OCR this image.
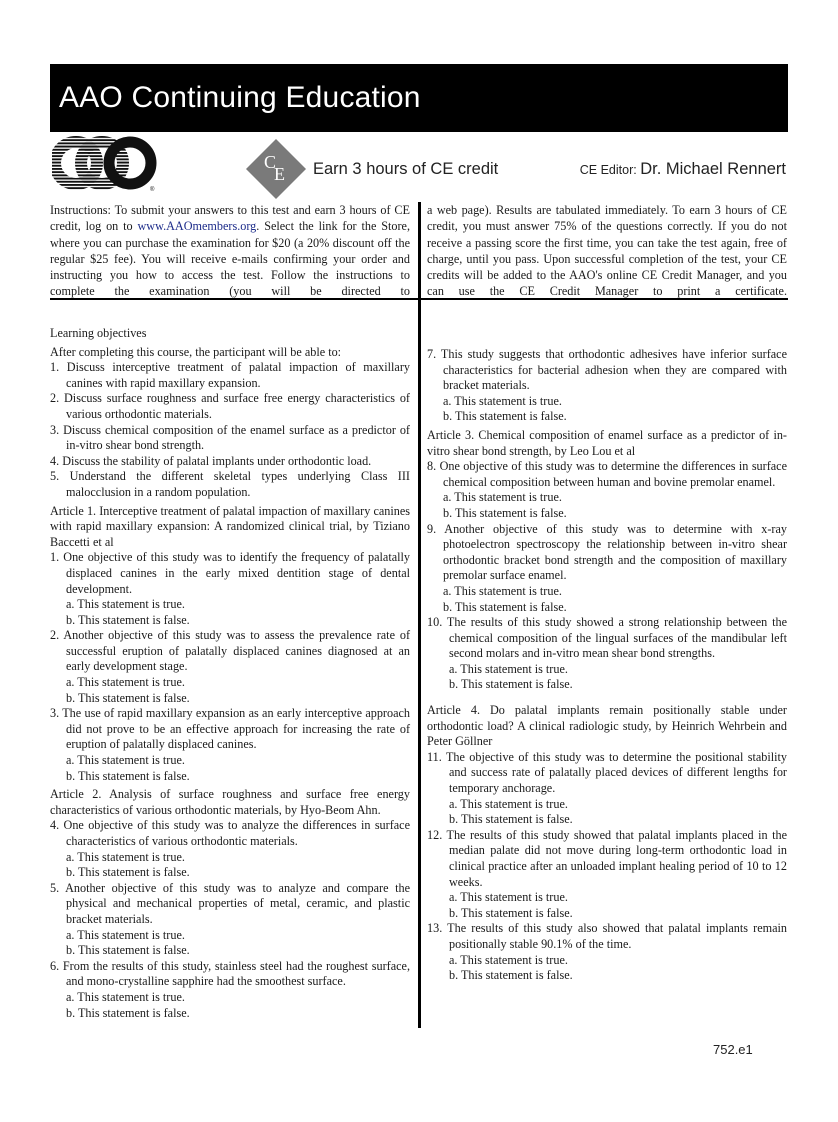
AAO Continuing Education
®
C
E Earn 3 hours of CE credit	CE Editor: Dr. Michael Rennert
Instructions: To submit your answers to this test and earn 3 hours of CE credit, log on to www.AAOmembers.org. Select the link for the Store, where you can purchase the examination for $20 (a 20% discount off the regular $25 fee). You will receive e-mails confirming your order and instructing you how to access the test. Follow the instructions to complete the examination (you will be directed to
a web page). Results are tabulated immediately. To earn 3 hours of CE credit, you must answer 75% of the questions correctly. If you do not receive a passing score the first time, you can take the test again, free of charge, until you pass. Upon successful completion of the test, your CE credits will be added to the AAO's online CE Credit Manager, and you can use the CE Credit Manager to print a certificate.
Learning objectives
After completing this course, the participant will be able to:
1. Discuss interceptive treatment of palatal impaction of maxillary canines with rapid maxillary expansion.
2. Discuss surface roughness and surface free energy characteristics of various orthodontic materials.
3. Discuss chemical composition of the enamel surface as a predictor of in-vitro shear bond strength.
4. Discuss the stability of palatal implants under orthodontic load.
5. Understand the different skeletal types underlying Class III malocclusion in a random population.
Article 1. Interceptive treatment of palatal impaction of maxillary canines with rapid maxillary expansion: A randomized clinical trial, by Tiziano Baccetti et al
1. One objective of this study was to identify the frequency of palatally displaced canines in the early mixed dentition stage of dental development.
a. This statement is true.
b. This statement is false.
2. Another objective of this study was to assess the prevalence rate of successful eruption of palatally displaced canines diagnosed at an early development stage.
a. This statement is true.
b. This statement is false.
3. The use of rapid maxillary expansion as an early interceptive approach did not prove to be an effective approach for increasing the rate of eruption of palatally displaced canines.
a. This statement is true.
b. This statement is false.
Article 2. Analysis of surface roughness and surface free energy characteristics of various orthodontic materials, by Hyo-Beom Ahn.
4. One objective of this study was to analyze the differences in surface characteristics of various orthodontic materials.
a. This statement is true.
b. This statement is false.
5. Another objective of this study was to analyze and compare the physical and mechanical properties of metal, ceramic, and plastic bracket materials.
a. This statement is true.
b. This statement is false.
6. From the results of this study, stainless steel had the roughest surface, and mono-crystalline sapphire had the smoothest surface.
a. This statement is true.
b. This statement is false.
7. This study suggests that orthodontic adhesives have inferior surface characteristics for bacterial adhesion when they are compared with bracket materials.
a. This statement is true.
b. This statement is false.
Article 3. Chemical composition of enamel surface as a predictor of in-vitro shear bond strength, by Leo Lou et al
8. One objective of this study was to determine the differences in surface chemical composition between human and bovine premolar enamel.
a. This statement is true.
b. This statement is false.
9. Another objective of this study was to determine with x-ray photoelectron spectroscopy the relationship between in-vitro shear orthodontic bracket bond strength and the composition of maxillary premolar surface enamel.
a. This statement is true.
b. This statement is false.
10. The results of this study showed a strong relationship between the chemical composition of the lingual surfaces of the mandibular left second molars and in-vitro mean shear bond strengths.
a. This statement is true.
b. This statement is false.
Article 4. Do palatal implants remain positionally stable under orthodontic load? A clinical radiologic study, by Heinrich Wehrbein and Peter Göllner
11. The objective of this study was to determine the positional stability and success rate of palatally placed devices of different lengths for temporary anchorage.
a. This statement is true.
b. This statement is false.
12. The results of this study showed that palatal implants placed in the median palate did not move during long-term orthodontic load in clinical practice after an unloaded implant healing period of 10 to 12 weeks.
a. This statement is true.
b. This statement is false.
13. The results of this study also showed that palatal implants remain positionally stable 90.1% of the time.
a. This statement is true.
b. This statement is false.
752.e1
